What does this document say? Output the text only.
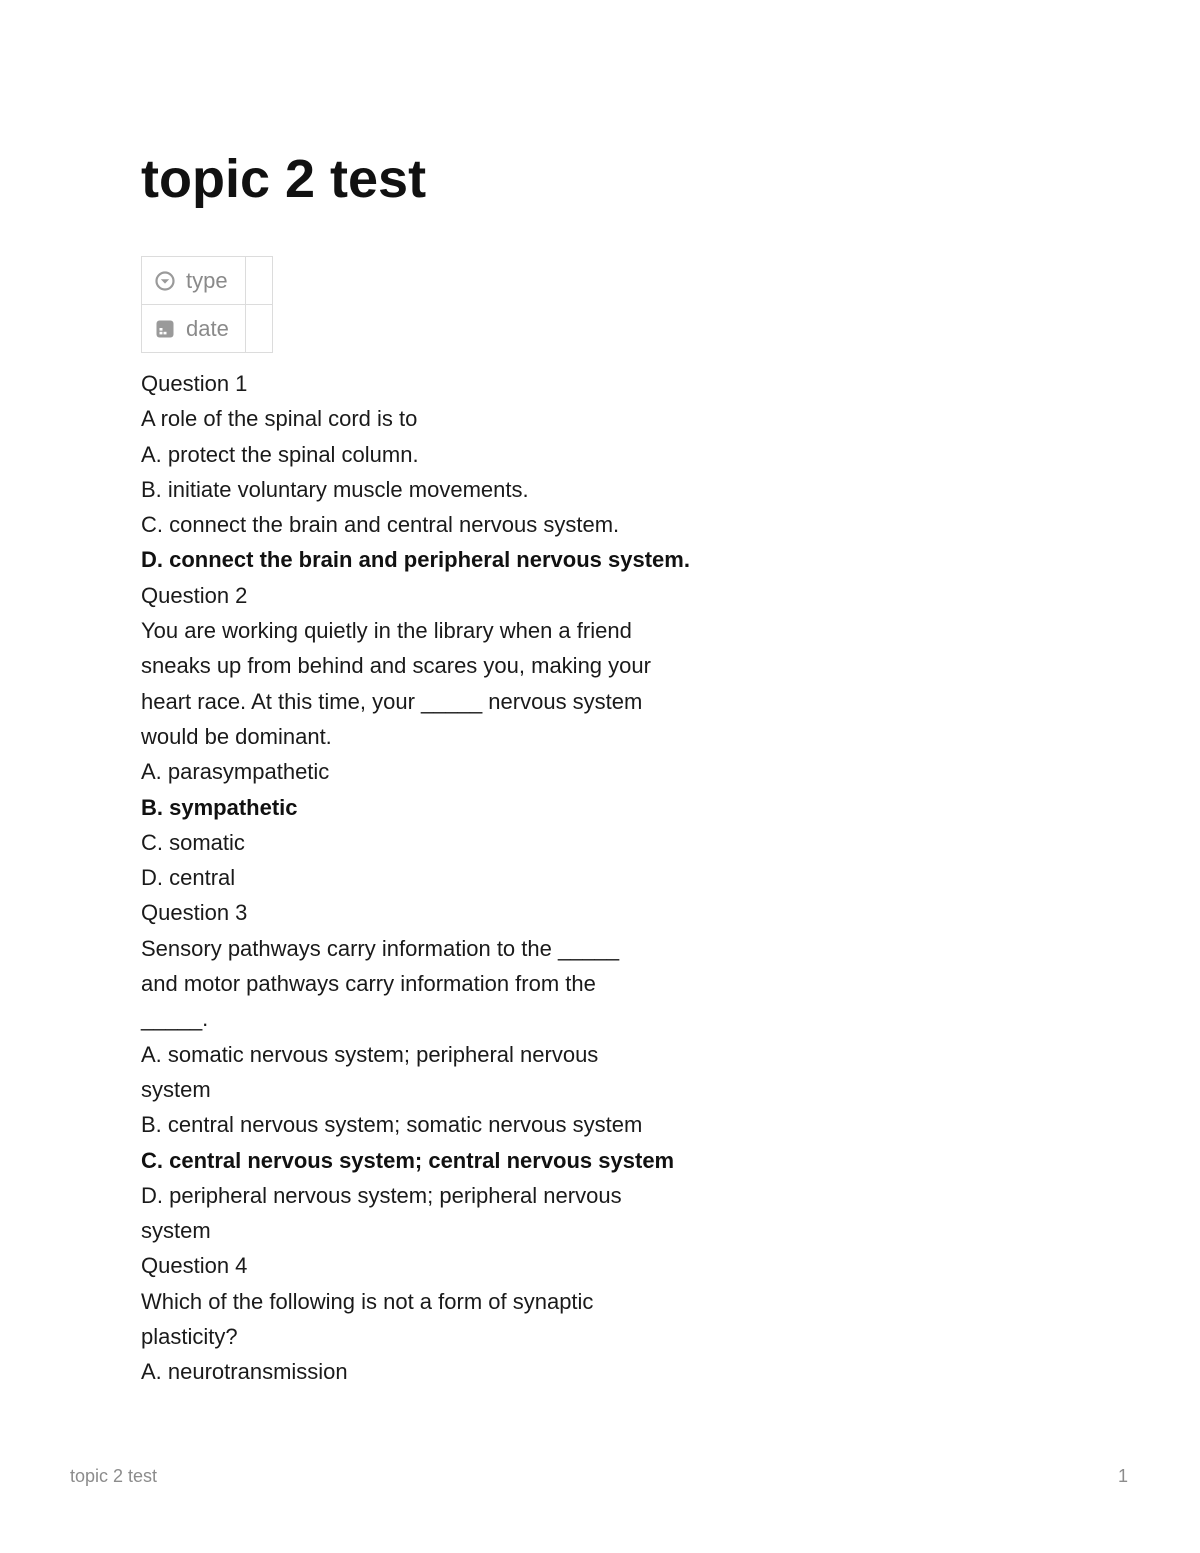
topic 2 test
type	

date	

Question 1

A role of the spinal cord is to

A. protect the spinal column.

B. initiate voluntary muscle movements.

C. connect the brain and central nervous system.

D. connect the brain and peripheral nervous system.

Question 2

You are working quietly in the library when a friend sneaks up from behind and scares you, making your heart race. At this time, your _____ nervous system would be dominant.

A. parasympathetic

B. sympathetic

C. somatic

D. central

Question 3

Sensory pathways carry information to the _____ and motor pathways carry information from the _____.

A. somatic nervous system; peripheral nervous system

B. central nervous system; somatic nervous system

C. central nervous system; central nervous system

D. peripheral nervous system; peripheral nervous system

Question 4

Which of the following is not a form of synaptic plasticity?

A. neurotransmission

topic 2 test	1
